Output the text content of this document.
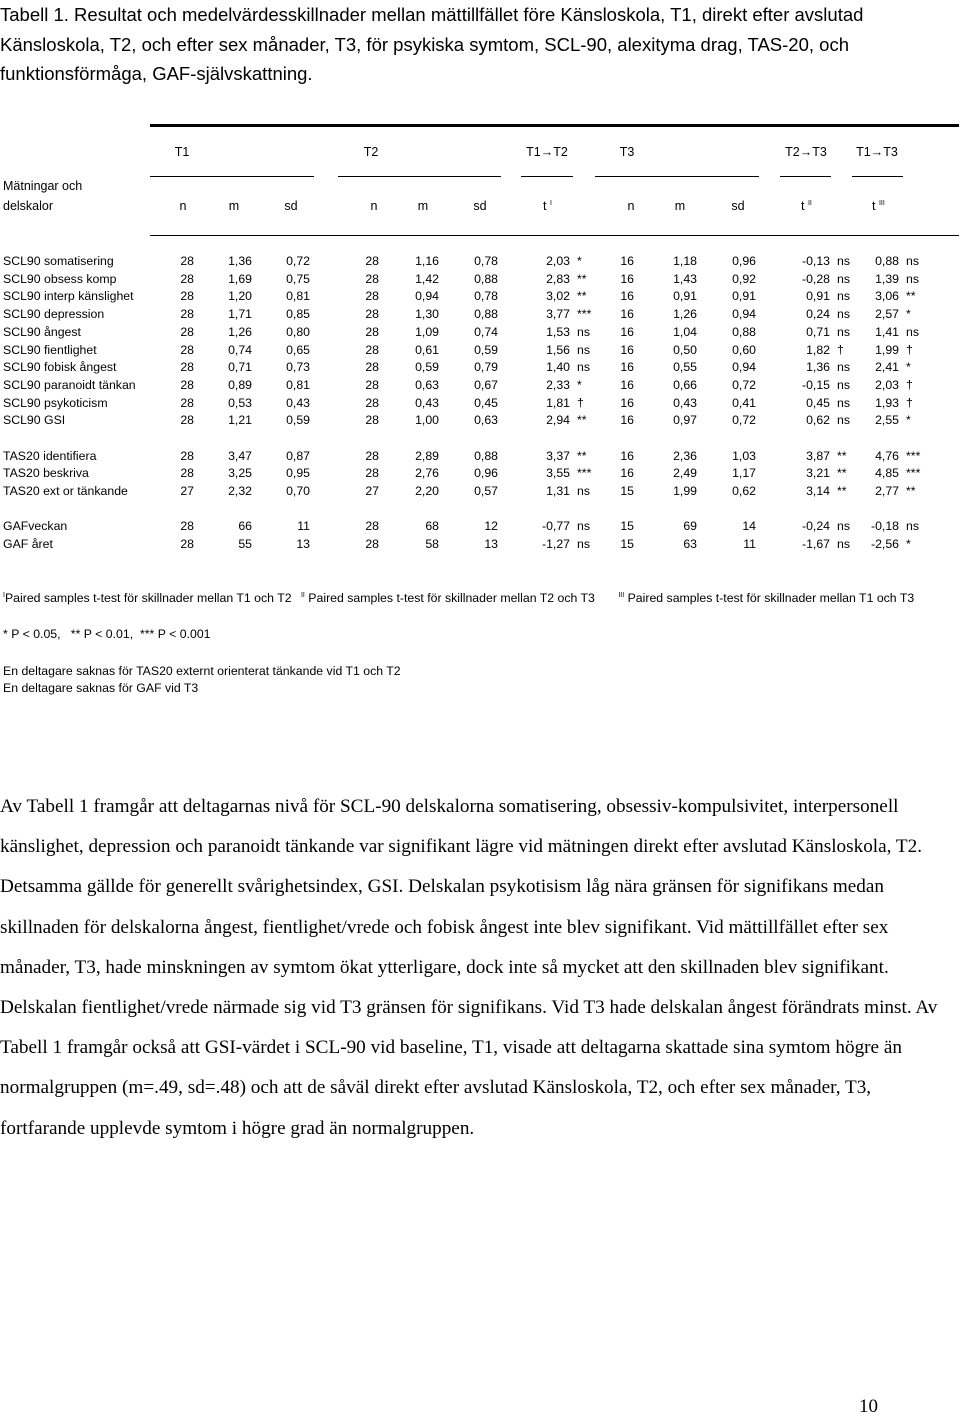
Tabell 1. Resultat och medelvärdesskillnader mellan mättillfället före Känsloskola, T1, direkt efter avslutad Känsloskola, T2, och efter sex månader, T3, för psykiska symtom, SCL-90, alexityma drag, TAS-20, och funktionsförmåga, GAF-självskattning.
T1	T2	T1→T2	T3	T2→T3	T1→T3
Mätningar och
delskalor	n	m	sd	n	m	sd	t $^I$	n	m	sd	t $^{II}$	t $^{III}$
SCL90 somatisering	28	1,36	0,72	28	1,16	0,78	2,03 *	16	1,18	0,96	-0,13 ns	0,88 ns
SCL90 obsess komp	28	1,69	0,75	28	1,42	0,88	2,83 **	16	1,43	0,92	-0,28 ns	1,39 ns
SCL90 interp känslighet	28	1,20	0,81	28	0,94	0,78	3,02 **	16	0,91	0,91	0,91 ns	3,06 **
SCL90 depression	28	1,71	0,85	28	1,30	0,88	3,77 ***	16	1,26	0,94	0,24 ns	2,57 *
SCL90 ångest	28	1,26	0,80	28	1,09	0,74	1,53 ns	16	1,04	0,88	0,71 ns	1,41 ns
SCL90 fientlighet	28	0,74	0,65	28	0,61	0,59	1,56 ns	16	0,50	0,60	1,82 †	1,99 †
SCL90 fobisk ångest	28	0,71	0,73	28	0,59	0,79	1,40 ns	16	0,55	0,94	1,36 ns	2,41 *
SCL90 paranoidt tänkan	28	0,89	0,81	28	0,63	0,67	2,33 *	16	0,66	0,72	-0,15 ns	2,03 †
SCL90 psykoticism	28	0,53	0,43	28	0,43	0,45	1,81 †	16	0,43	0,41	0,45 ns	1,93 †
SCL90 GSI	28	1,21	0,59	28	1,00	0,63	2,94 **	16	0,97	0,72	0,62 ns	2,55 *
TAS20 identifiera	28	3,47	0,87	28	2,89	0,88	3,37 **	16	2,36	1,03	3,87 **	4,76 ***
TAS20 beskriva	28	3,25	0,95	28	2,76	0,96	3,55 ***	16	2,49	1,17	3,21 **	4,85 ***
TAS20 ext or tänkande	27	2,32	0,70	27	2,20	0,57	1,31 ns	15	1,99	0,62	3,14 **	2,77 **
GAFveckan	28	66	11	28	68	12	-0,77 ns	15	69	14	-0,24 ns	-0,18 ns
GAF året	28	55	13	28	58	13	-1,27 ns	15	63	11	-1,67 ns	-2,56 *
$^I$Paired samples t-test för skillnader mellan T1 och T2 $^{II}$ Paired samples t-test för skillnader mellan T2 och T3	$^{III}$ Paired samples t-test för skillnader mellan T1 och T3
* P < 0.05,   ** P < 0.01,  *** P < 0.001
En deltagare saknas för TAS20 externt orienterat tänkande vid T1 och T2
En deltagare saknas för GAF vid T3
Av Tabell 1 framgår att deltagarnas nivå för SCL-90 delskalorna somatisering, obsessiv-kompulsivitet, interpersonell känslighet, depression och paranoidt tänkande var signifikant lägre vid mätningen direkt efter avslutad Känsloskola, T2. Detsamma gällde för generellt svårighetsindex, GSI. Delskalan psykotisism låg nära gränsen för signifikans medan skillnaden för delskalorna ångest, fientlighet/vrede och fobisk ångest inte blev signifikant. Vid mättillfället efter sex månader, T3, hade minskningen av symtom ökat ytterligare, dock inte så mycket att den skillnaden blev signifikant. Delskalan fientlighet/vrede närmade sig vid T3 gränsen för signifikans. Vid T3 hade delskalan ångest förändrats minst. Av Tabell 1 framgår också att GSI-värdet i SCL-90 vid baseline, T1, visade att deltagarna skattade sina symtom högre än normalgruppen (m=.49, sd=.48) och att de såväl direkt efter avslutad Känsloskola, T2, och efter sex månader, T3, fortfarande upplevde symtom i högre grad än normalgruppen.
10
